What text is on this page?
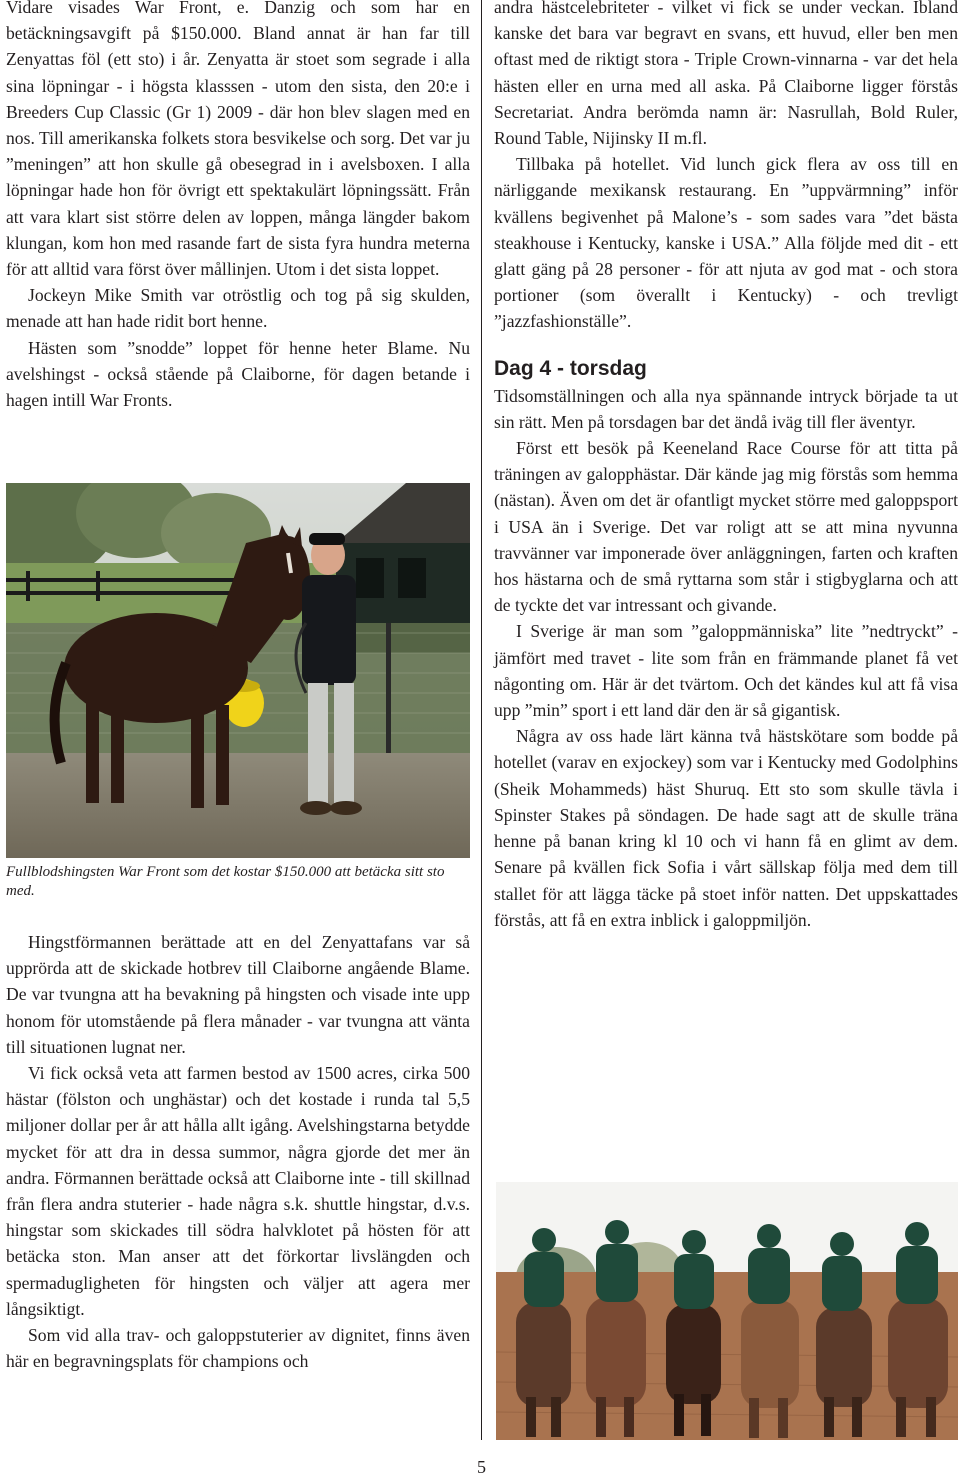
Vidare visades War Front, e. Danzig och som har en betäckningsavgift på $150.000. Bland annat är han far till Zenyattas föl (ett sto) i år. Zenyatta är stoet som segrade i alla sina löpningar - i högsta klasssen - utom den sista, den 20:e i Breeders Cup Classic (Gr 1) 2009 - där hon blev slagen med en nos. Till amerikanska folkets stora besvikelse och sorg. Det var ju ”meningen” att hon skulle gå obesegrad in i avelsboxen. I alla löpningar hade hon för övrigt ett spektakulärt löpningssätt. Från att vara klart sist större delen av loppen, många längder bakom klungan, kom hon med rasande fart de sista fyra hundra meterna för att alltid vara först över mållinjen. Utom i det sista loppet.

Jockeyn Mike Smith var otröstlig och tog på sig skulden, menade att han hade ridit bort henne.

Hästen som ”snodde” loppet för henne heter Blame. Nu avelshingst - också stående på Claiborne, för dagen betande i hagen intill War Fronts.

Fullblodshingsten War Front som det kostar $150.000 att betäcka sitt sto med.

Hingstförmannen berättade att en del Zenyattafans var så upprörda att de skickade hotbrev till Claiborne angående Blame. De var tvungna att ha bevakning på hingsten och visade inte upp honom för utomstående på flera månader - var tvungna att vänta till situationen lugnat ner.

Vi fick också veta att farmen bestod av 1500 acres, cirka 500 hästar (fölston och unghästar) och det kostade i runda tal 5,5 miljoner dollar per år att hålla allt igång. Avelshingstarna betydde mycket för att dra in dessa summor, några gjorde det mer än andra. Förmannen berättade också att Claiborne inte - till skillnad från flera andra stuterier - hade några s.k. shuttle hingstar, d.v.s. hingstar som skickades till södra halvklotet på hösten för att betäcka ston. Man anser att det förkortar livslängden och spermadugligheten för hingsten och väljer att agera mer långsiktigt.

Som vid alla trav- och galoppstuterier av dignitet, finns även här en begravningsplats för champions och

andra hästcelebriteter - vilket vi fick se under veckan. Ibland kanske det bara var begravt en svans, ett huvud, eller ben men oftast med de riktigt stora - Triple Crown-vinnarna - var det hela hästen eller en urna med all aska. På Claiborne ligger förstås Secretariat. Andra berömda namn är: Nasrullah, Bold Ruler, Round Table, Nijinsky II m.fl.

Tillbaka på hotellet. Vid lunch gick flera av oss till en närliggande mexikansk restaurang. En ”uppvärmning” inför kvällens begivenhet på Malone’s - som sades vara ”det bästa steakhouse i Kentucky, kanske i USA.” Alla följde med dit - ett glatt gäng på 28 personer - för att njuta av god mat - och stora portioner (som överallt i Kentucky) - och trevligt ”jazzfashionställe”.

Dag 4 - torsdag

Tidsomställningen och alla nya spännande intryck började ta ut sin rätt. Men på torsdagen bar det ändå iväg till fler äventyr.

Först ett besök på Keeneland Race Course för att titta på träningen av galopphästar. Där kände jag mig förstås som hemma (nästan). Även om det är ofantligt mycket större med galoppsport i USA än i Sverige. Det var roligt att se att mina nyvunna travvänner var imponerade över anläggningen, farten och kraften hos hästarna och de små ryttarna som står i stigbyglarna och att de tyckte det var intressant och givande.

I Sverige är man som ”galoppmänniska” lite ”nedtryckt” - jämfört med travet - lite som från en främmande planet få vet någonting om. Här är det tvärtom. Och det kändes kul att få visa upp ”min” sport i ett land där den är så gigantisk.

Några av oss hade lärt känna två hästskötare som bodde på hotellet (varav en exjockey) som var i Kentucky med Godolphins (Sheik Mohammeds) häst Shuruq. Ett sto som skulle tävla i Spinster Stakes på söndagen. De hade sagt att de skulle träna henne på banan kring kl 10 och vi hann få en glimt av dem. Senare på kvällen fick Sofia i vårt sällskap följa med dem till stallet för att lägga täcke på stoet inför natten. Det uppskattades förstås, att få en extra inblick i galoppmiljön.

5
